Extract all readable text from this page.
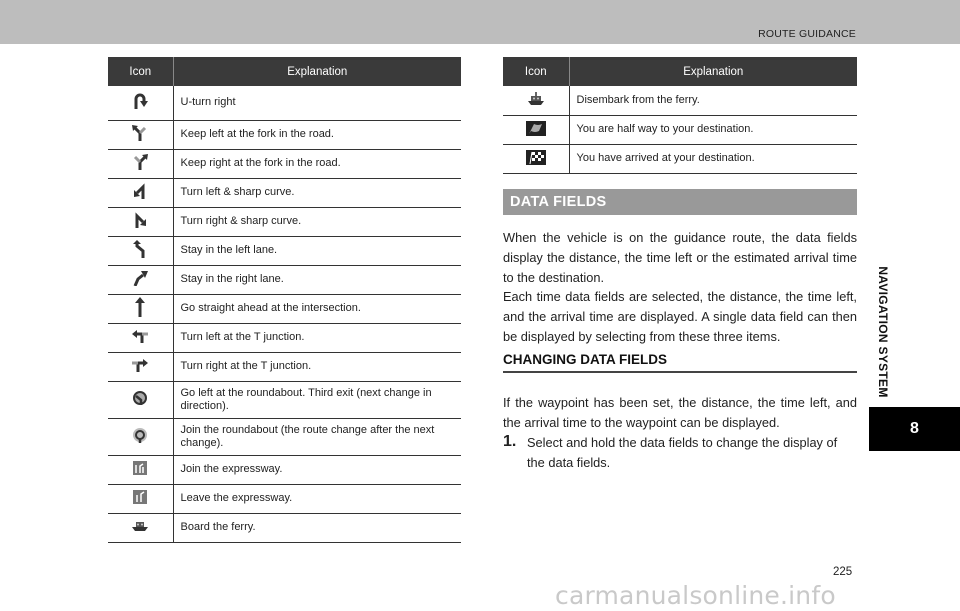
ROUTE GUIDANCE
NAVIGATION SYSTEM
8
Icon	Explanation
	U-turn right
	Keep left at the fork in the road.
	Keep right at the fork in the road.
	Turn left & sharp curve.
	Turn right & sharp curve.
	Stay in the left lane.
	Stay in the right lane.
	Go straight ahead at the intersection.
	Turn left at the T junction.
	Turn right at the T junction.
	Go left at the roundabout. Third exit (next change in direction).
	Join the roundabout (the route change after the next change).
	Join the expressway.
	Leave the expressway.
	Board the ferry.
Icon	Explanation
	Disembark from the ferry.
	You are half way to your destination.
	You have arrived at your destination.
DATA FIELDS

When the vehicle is on the guidance route, the data fields display the distance, the time left or the estimated arrival time to the destination.

Each time data fields are selected, the distance, the time left, and the arrival time are displayed. A single data field can then be displayed by selecting from these three items.

CHANGING DATA FIELDS

If the waypoint has been set, the distance, the time left, and the arrival time to the waypoint can be displayed.

1. Select and hold the data fields to change the display of the data fields.
225
carmanualsonline.info
